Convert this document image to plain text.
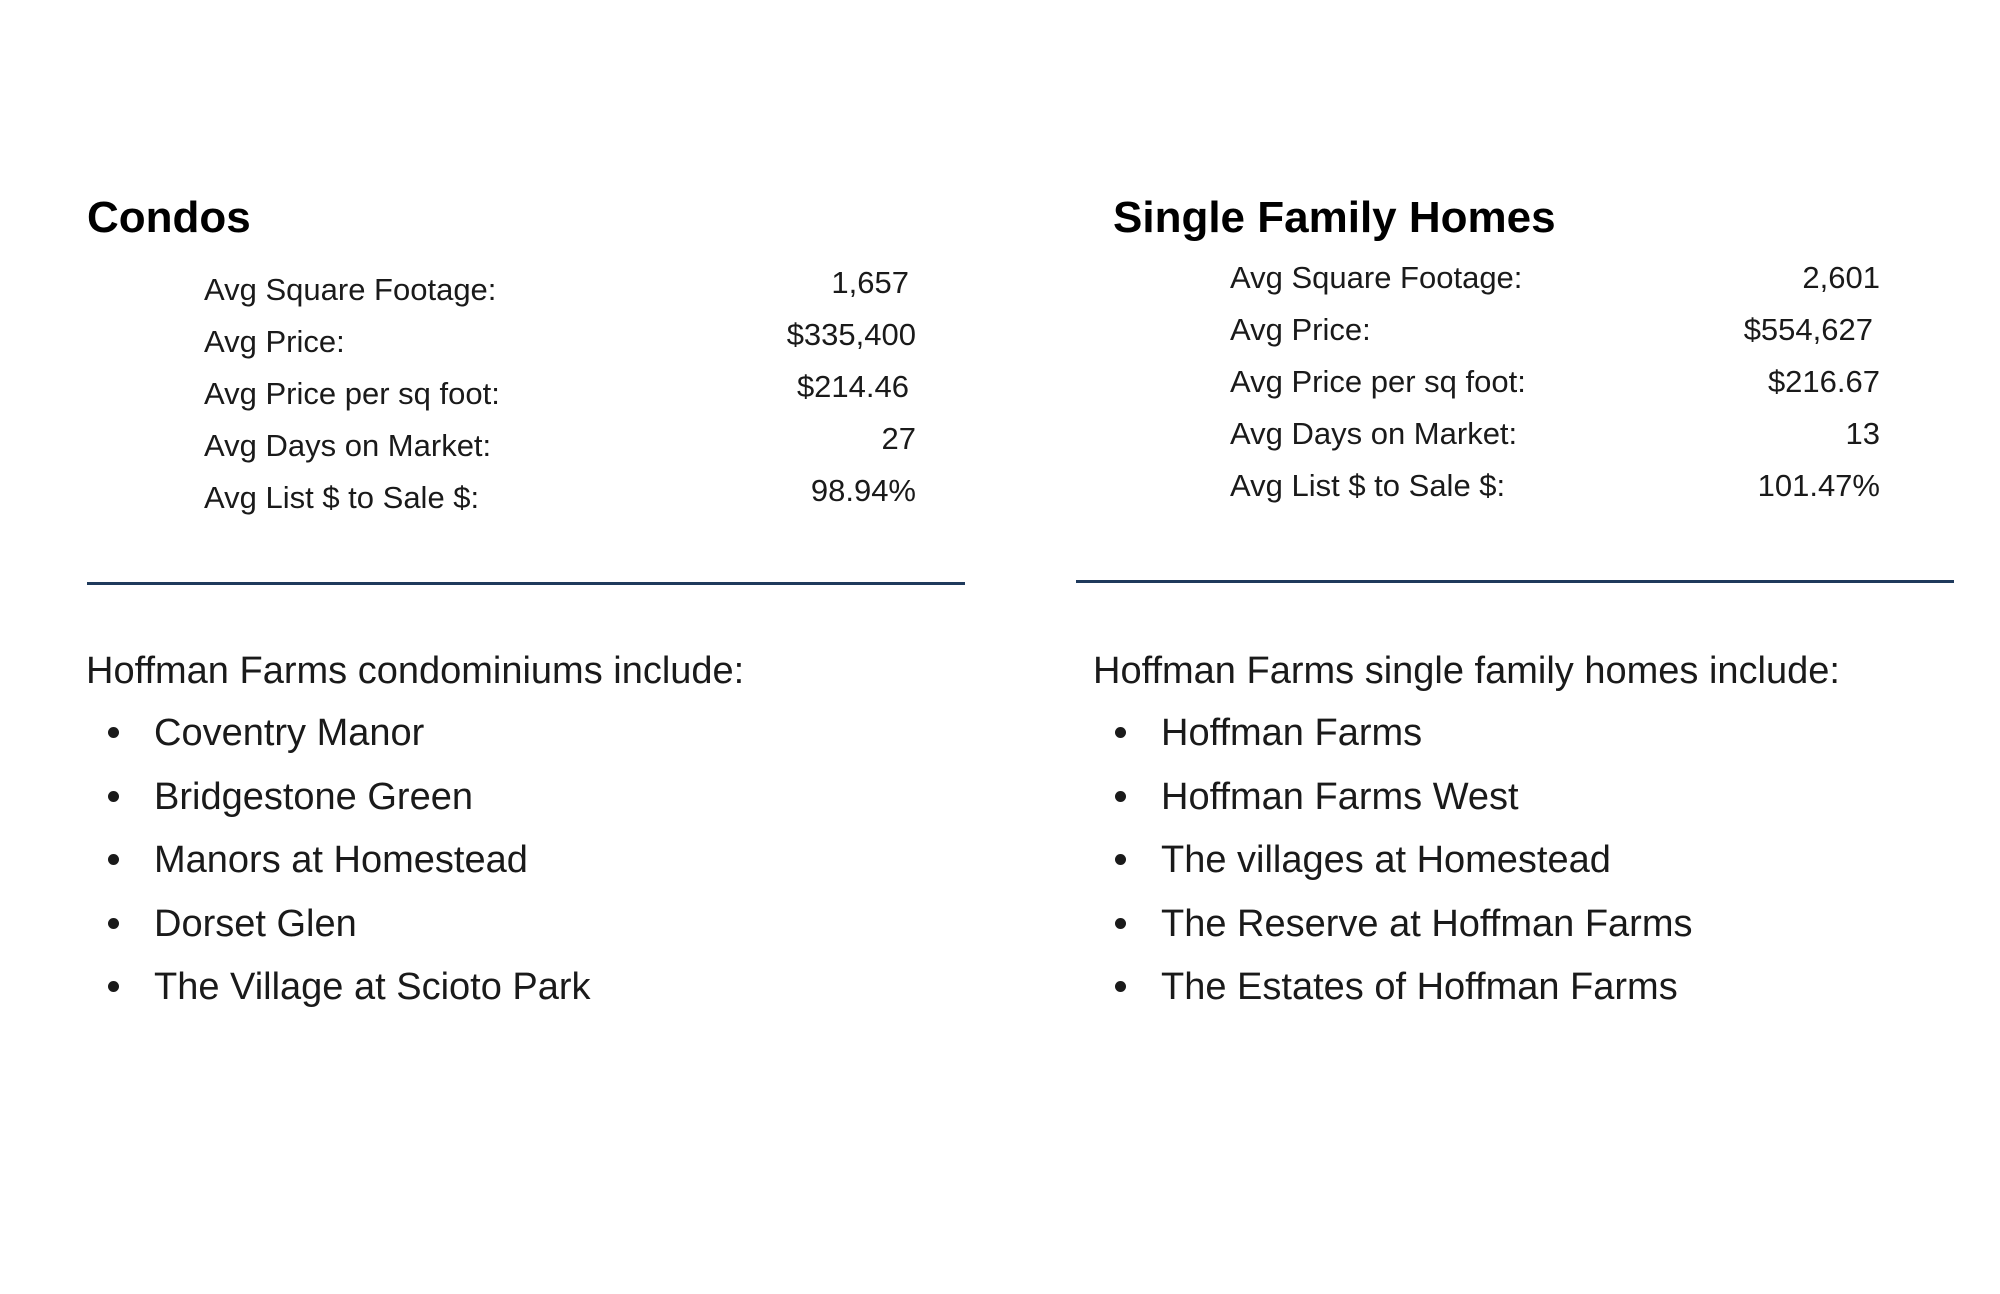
Condos
Avg Square Footage:	1,657
Avg Price:	$335,400
Avg Price per sq foot:	$214.46
Avg Days on Market:	27
Avg List $ to Sale $:	98.94%
Hoffman Farms condominiums include:
Coventry Manor
Bridgestone Green
Manors at Homestead
Dorset Glen
The Village at Scioto Park
Single Family Homes
Avg Square Footage:	2,601
Avg Price:	$554,627
Avg Price per sq foot:	$216.67
Avg Days on Market:	13
Avg List $ to Sale $:	101.47%
Hoffman Farms single family homes include:
Hoffman Farms
Hoffman Farms West
The villages at Homestead
The Reserve at Hoffman Farms
The Estates of Hoffman Farms
